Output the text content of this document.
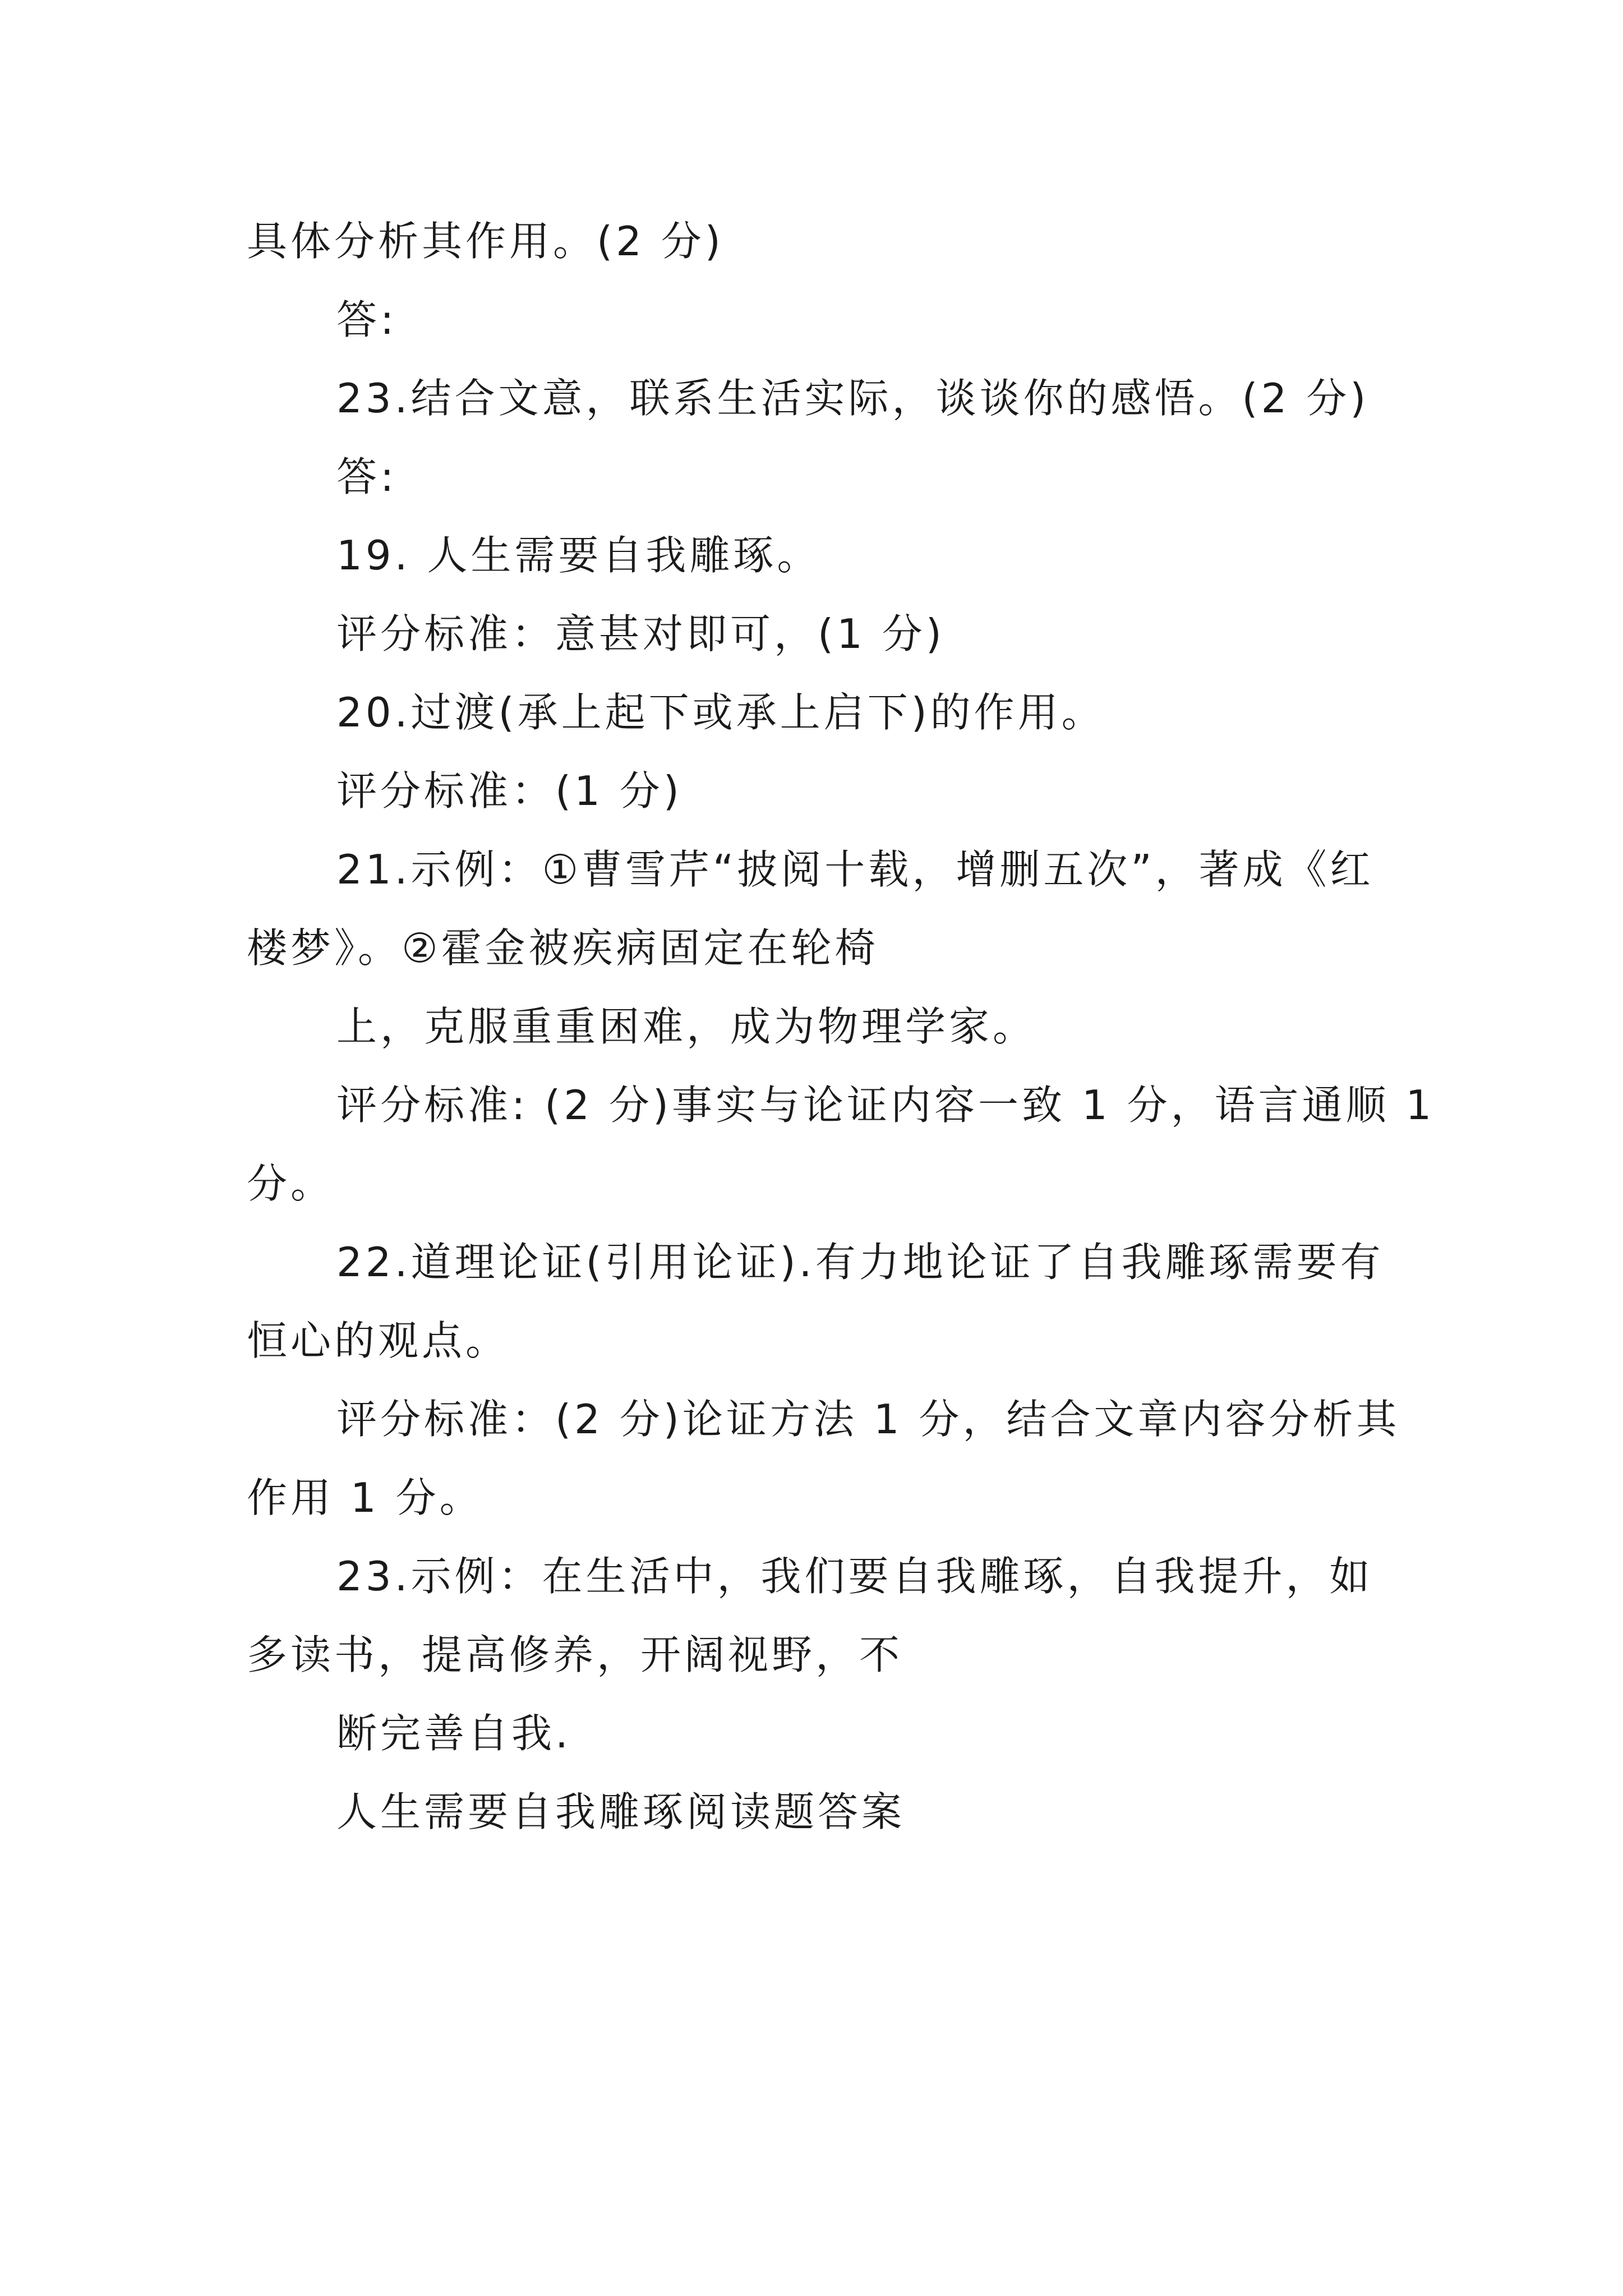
具体分析其作用。(2 分)
答:
23.结合文意，联系生活实际，谈谈你的感悟。(2 分)
答:
19. 人生需要自我雕琢。
评分标准：意甚对即可，(1 分)
20.过渡(承上起下或承上启下)的作用。
评分标准：(1 分)
21.示例：①曹雪芹“披阅十载，增删五次”，著成《红
楼梦》。②霍金被疾病固定在轮椅
上，克服重重困难，成为物理学家。
评分标准: (2 分)事实与论证内容一致 1 分，语言通顺 1
分。
22.道理论证(引用论证).有力地论证了自我雕琢需要有
恒心的观点。
评分标准：(2 分)论证方法 1 分，结合文章内容分析其
作用 1 分。
23.示例：在生活中，我们要自我雕琢，自我提升，如
多读书，提高修养，开阔视野，不
断完善自我.
人生需要自我雕琢阅读题答案
